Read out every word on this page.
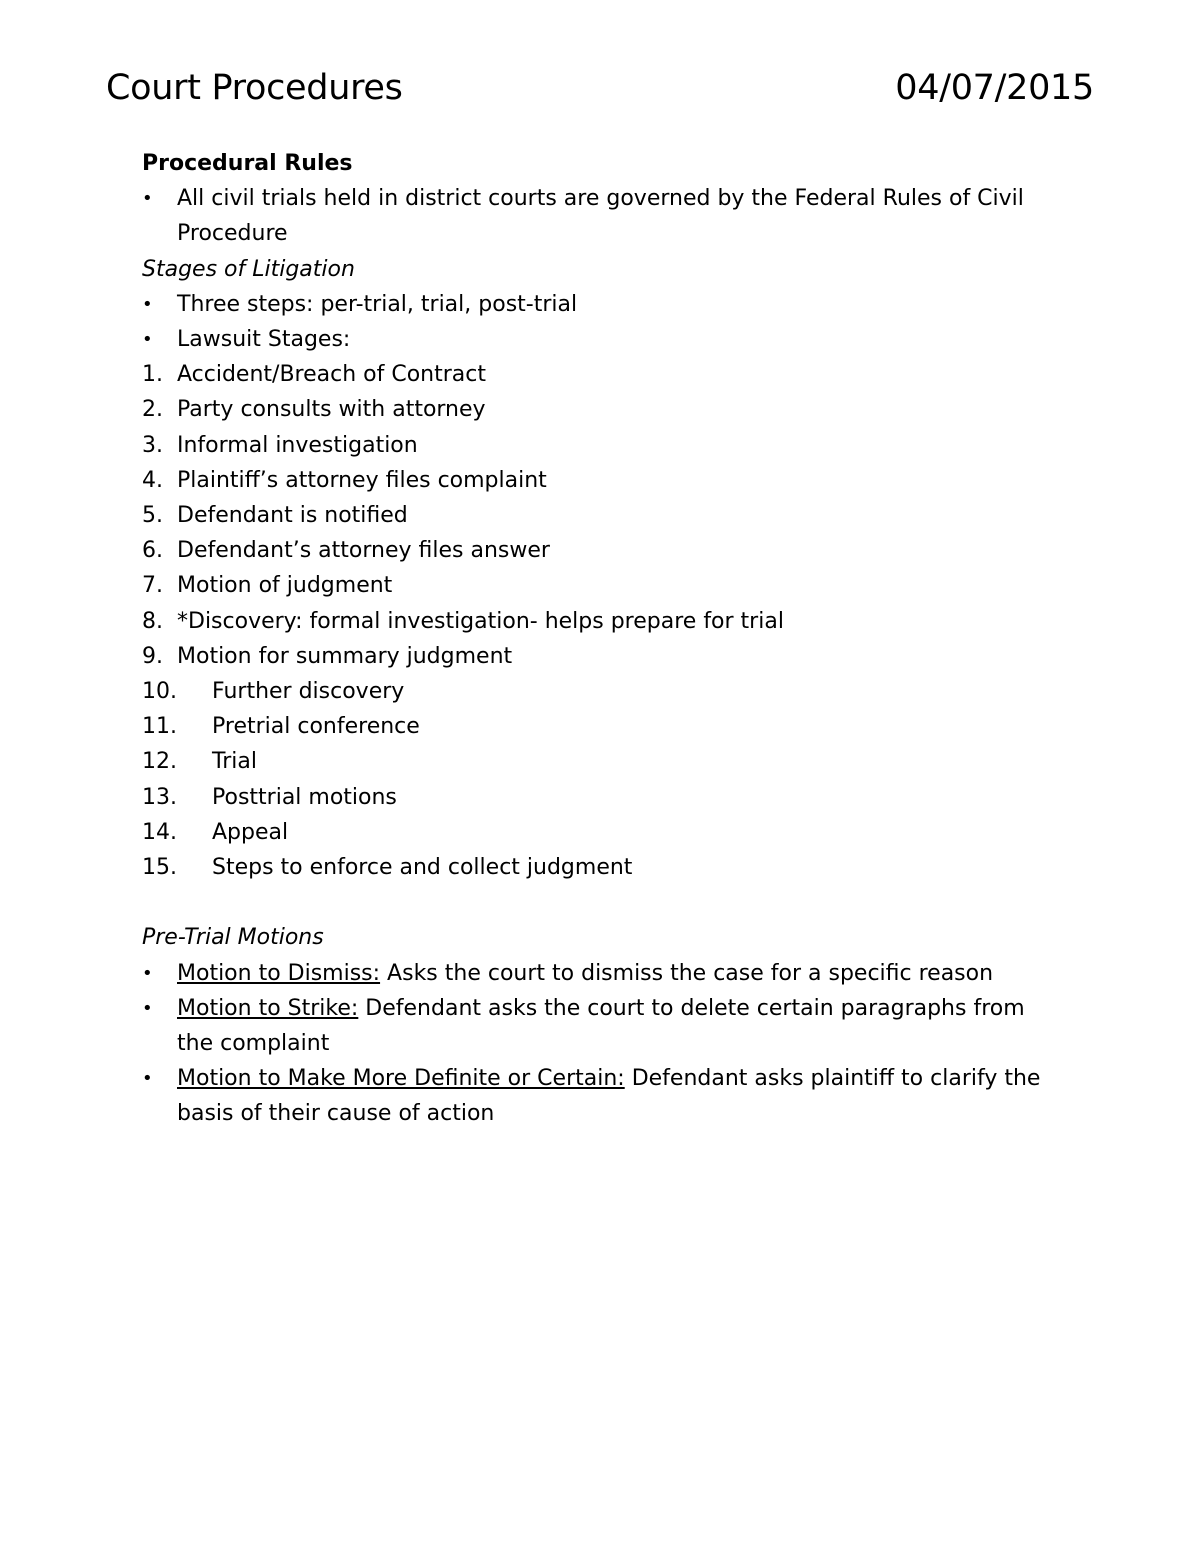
Court Procedures	04/07/2015
Procedural Rules
• All civil trials held in district courts are governed by the Federal Rules of Civil Procedure
Stages of Litigation
• Three steps: per-trial, trial, post-trial
• Lawsuit Stages:
1. Accident/Breach of Contract
2. Party consults with attorney
3. Informal investigation
4. Plaintiff’s attorney files complaint
5. Defendant is notified
6. Defendant’s attorney files answer
7. Motion of judgment
8. *Discovery: formal investigation- helps prepare for trial
9. Motion for summary judgment
10. Further discovery
11. Pretrial conference
12. Trial
13. Posttrial motions
14. Appeal
15. Steps to enforce and collect judgment
Pre-Trial Motions
• Motion to Dismiss: Asks the court to dismiss the case for a specific reason
• Motion to Strike: Defendant asks the court to delete certain paragraphs from the complaint
• Motion to Make More Definite or Certain: Defendant asks plaintiff to clarify the basis of their cause of action
